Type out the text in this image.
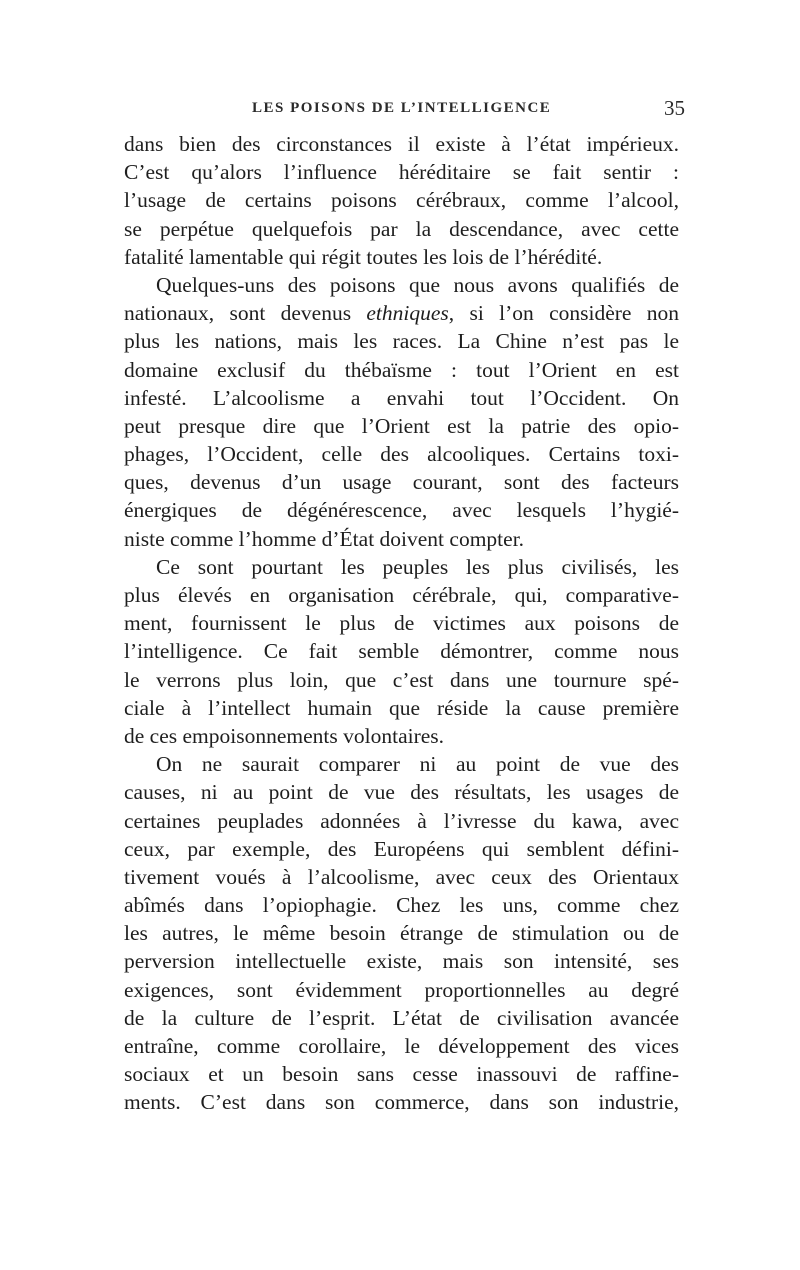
LES POISONS DE L’INTELLIGENCE	35
dans bien des circonstances il existe à l’état impérieux.
C’est qu’alors l’influence héréditaire se fait sentir :
l’usage de certains poisons cérébraux, comme l’alcool,
se perpétue quelquefois par la descendance, avec cette
fatalité lamentable qui régit toutes les lois de l’hérédité.
Quelques-uns des poisons que nous avons qualifiés de
nationaux, sont devenus ethniques, si l’on considère non
plus les nations, mais les races. La Chine n’est pas le
domaine exclusif du thébaïsme : tout l’Orient en est
infesté. L’alcoolisme a envahi tout l’Occident. On
peut presque dire que l’Orient est la patrie des opio-
phages, l’Occident, celle des alcooliques. Certains toxi-
ques, devenus d’un usage courant, sont des facteurs
énergiques de dégénérescence, avec lesquels l’hygié-
niste comme l’homme d’État doivent compter.
Ce sont pourtant les peuples les plus civilisés, les
plus élevés en organisation cérébrale, qui, comparative-
ment, fournissent le plus de victimes aux poisons de
l’intelligence. Ce fait semble démontrer, comme nous
le verrons plus loin, que c’est dans une tournure spé-
ciale à l’intellect humain que réside la cause première
de ces empoisonnements volontaires.
On ne saurait comparer ni au point de vue des
causes, ni au point de vue des résultats, les usages de
certaines peuplades adonnées à l’ivresse du kawa, avec
ceux, par exemple, des Européens qui semblent défini-
tivement voués à l’alcoolisme, avec ceux des Orientaux
abîmés dans l’opiophagie. Chez les uns, comme chez
les autres, le même besoin étrange de stimulation ou de
perversion intellectuelle existe, mais son intensité, ses
exigences, sont évidemment proportionnelles au degré
de la culture de l’esprit. L’état de civilisation avancée
entraîne, comme corollaire, le développement des vices
sociaux et un besoin sans cesse inassouvi de raffine-
ments. C’est dans son commerce, dans son industrie,
